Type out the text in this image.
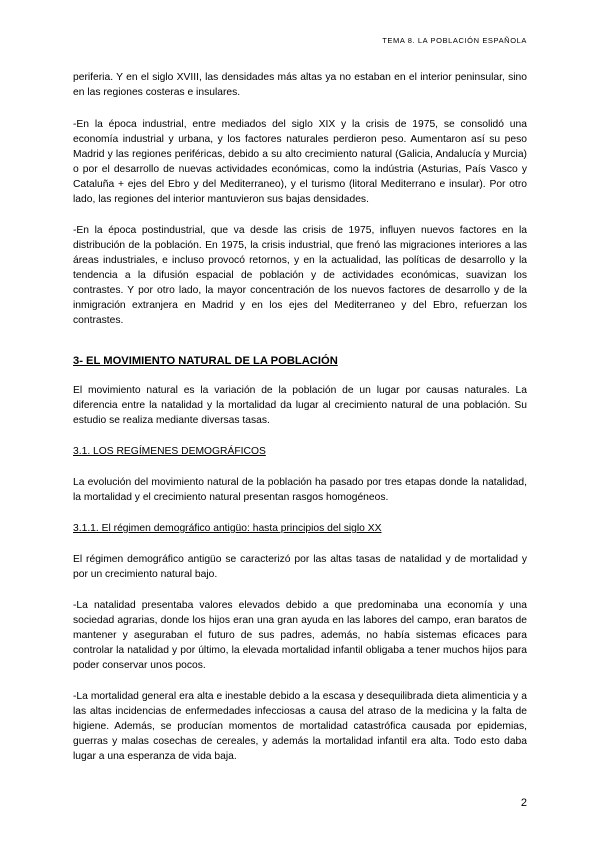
TEMA 8. LA POBLACIÓN ESPAÑOLA

periferia. Y en el siglo XVIII, las densidades más altas ya no estaban en el interior peninsular, sino en las regiones costeras e insulares.

-En la época industrial, entre mediados del siglo XIX y la crisis de 1975, se consolidó una economía industrial y urbana, y los factores naturales perdieron peso. Aumentaron así su peso Madrid y las regiones periféricas, debido a su alto crecimiento natural (Galicia, Andalucía y Murcia) o por el desarrollo de nuevas actividades económicas, como la indústria (Asturias, País Vasco y Cataluña + ejes del Ebro y del Mediterraneo), y el turismo (litoral Mediterrano e insular). Por otro lado, las regiones del interior mantuvieron sus bajas densidades.

-En la época postindustrial, que va desde las crisis de 1975, influyen nuevos factores en la distribución de la población. En 1975, la crisis industrial, que frenó las migraciones interiores a las áreas industriales, e incluso provocó retornos, y en la actualidad, las políticas de desarrollo y la tendencia a la difusión espacial de población y de actividades económicas, suavizan los contrastes. Y por otro lado, la mayor concentración de los nuevos factores de desarrollo y de la inmigración extranjera en Madrid y en los ejes del Mediterraneo y del Ebro, refuerzan los contrastes.

3- EL MOVIMIENTO NATURAL DE LA POBLACIÓN

El movimiento natural es la variación de la población de un lugar por causas naturales. La diferencia entre la natalidad y la mortalidad da lugar al crecimiento natural de una población. Su estudio se realiza mediante diversas tasas.

3.1. LOS REGÍMENES DEMOGRÁFICOS

La evolución del movimiento natural de la población ha pasado por tres etapas donde la natalidad, la mortalidad y el crecimiento natural presentan rasgos homogéneos.

3.1.1. El régimen demográfico antigüo: hasta principios del siglo XX

El régimen demográfico antigüo se caracterizó por las altas tasas de natalidad y de mortalidad y por un crecimiento natural bajo.

-La natalidad presentaba valores elevados debido a que predominaba una economía y una sociedad agrarias, donde los hijos eran una gran ayuda en las labores del campo, eran baratos de mantener y aseguraban el futuro de sus padres, además, no había sistemas eficaces para controlar la natalidad y por último, la elevada mortalidad infantil obligaba a tener muchos hijos para poder conservar unos pocos.

-La mortalidad general era alta e inestable debido a la escasa y desequilibrada dieta alimenticia y a las altas incidencias de enfermedades infecciosas a causa del atraso de la medicina y la falta de higiene. Además, se producían momentos de mortalidad catastrófica causada por epidemias, guerras y malas cosechas de cereales, y además la mortalidad infantil era alta. Todo esto daba lugar a una esperanza de vida baja.

2
